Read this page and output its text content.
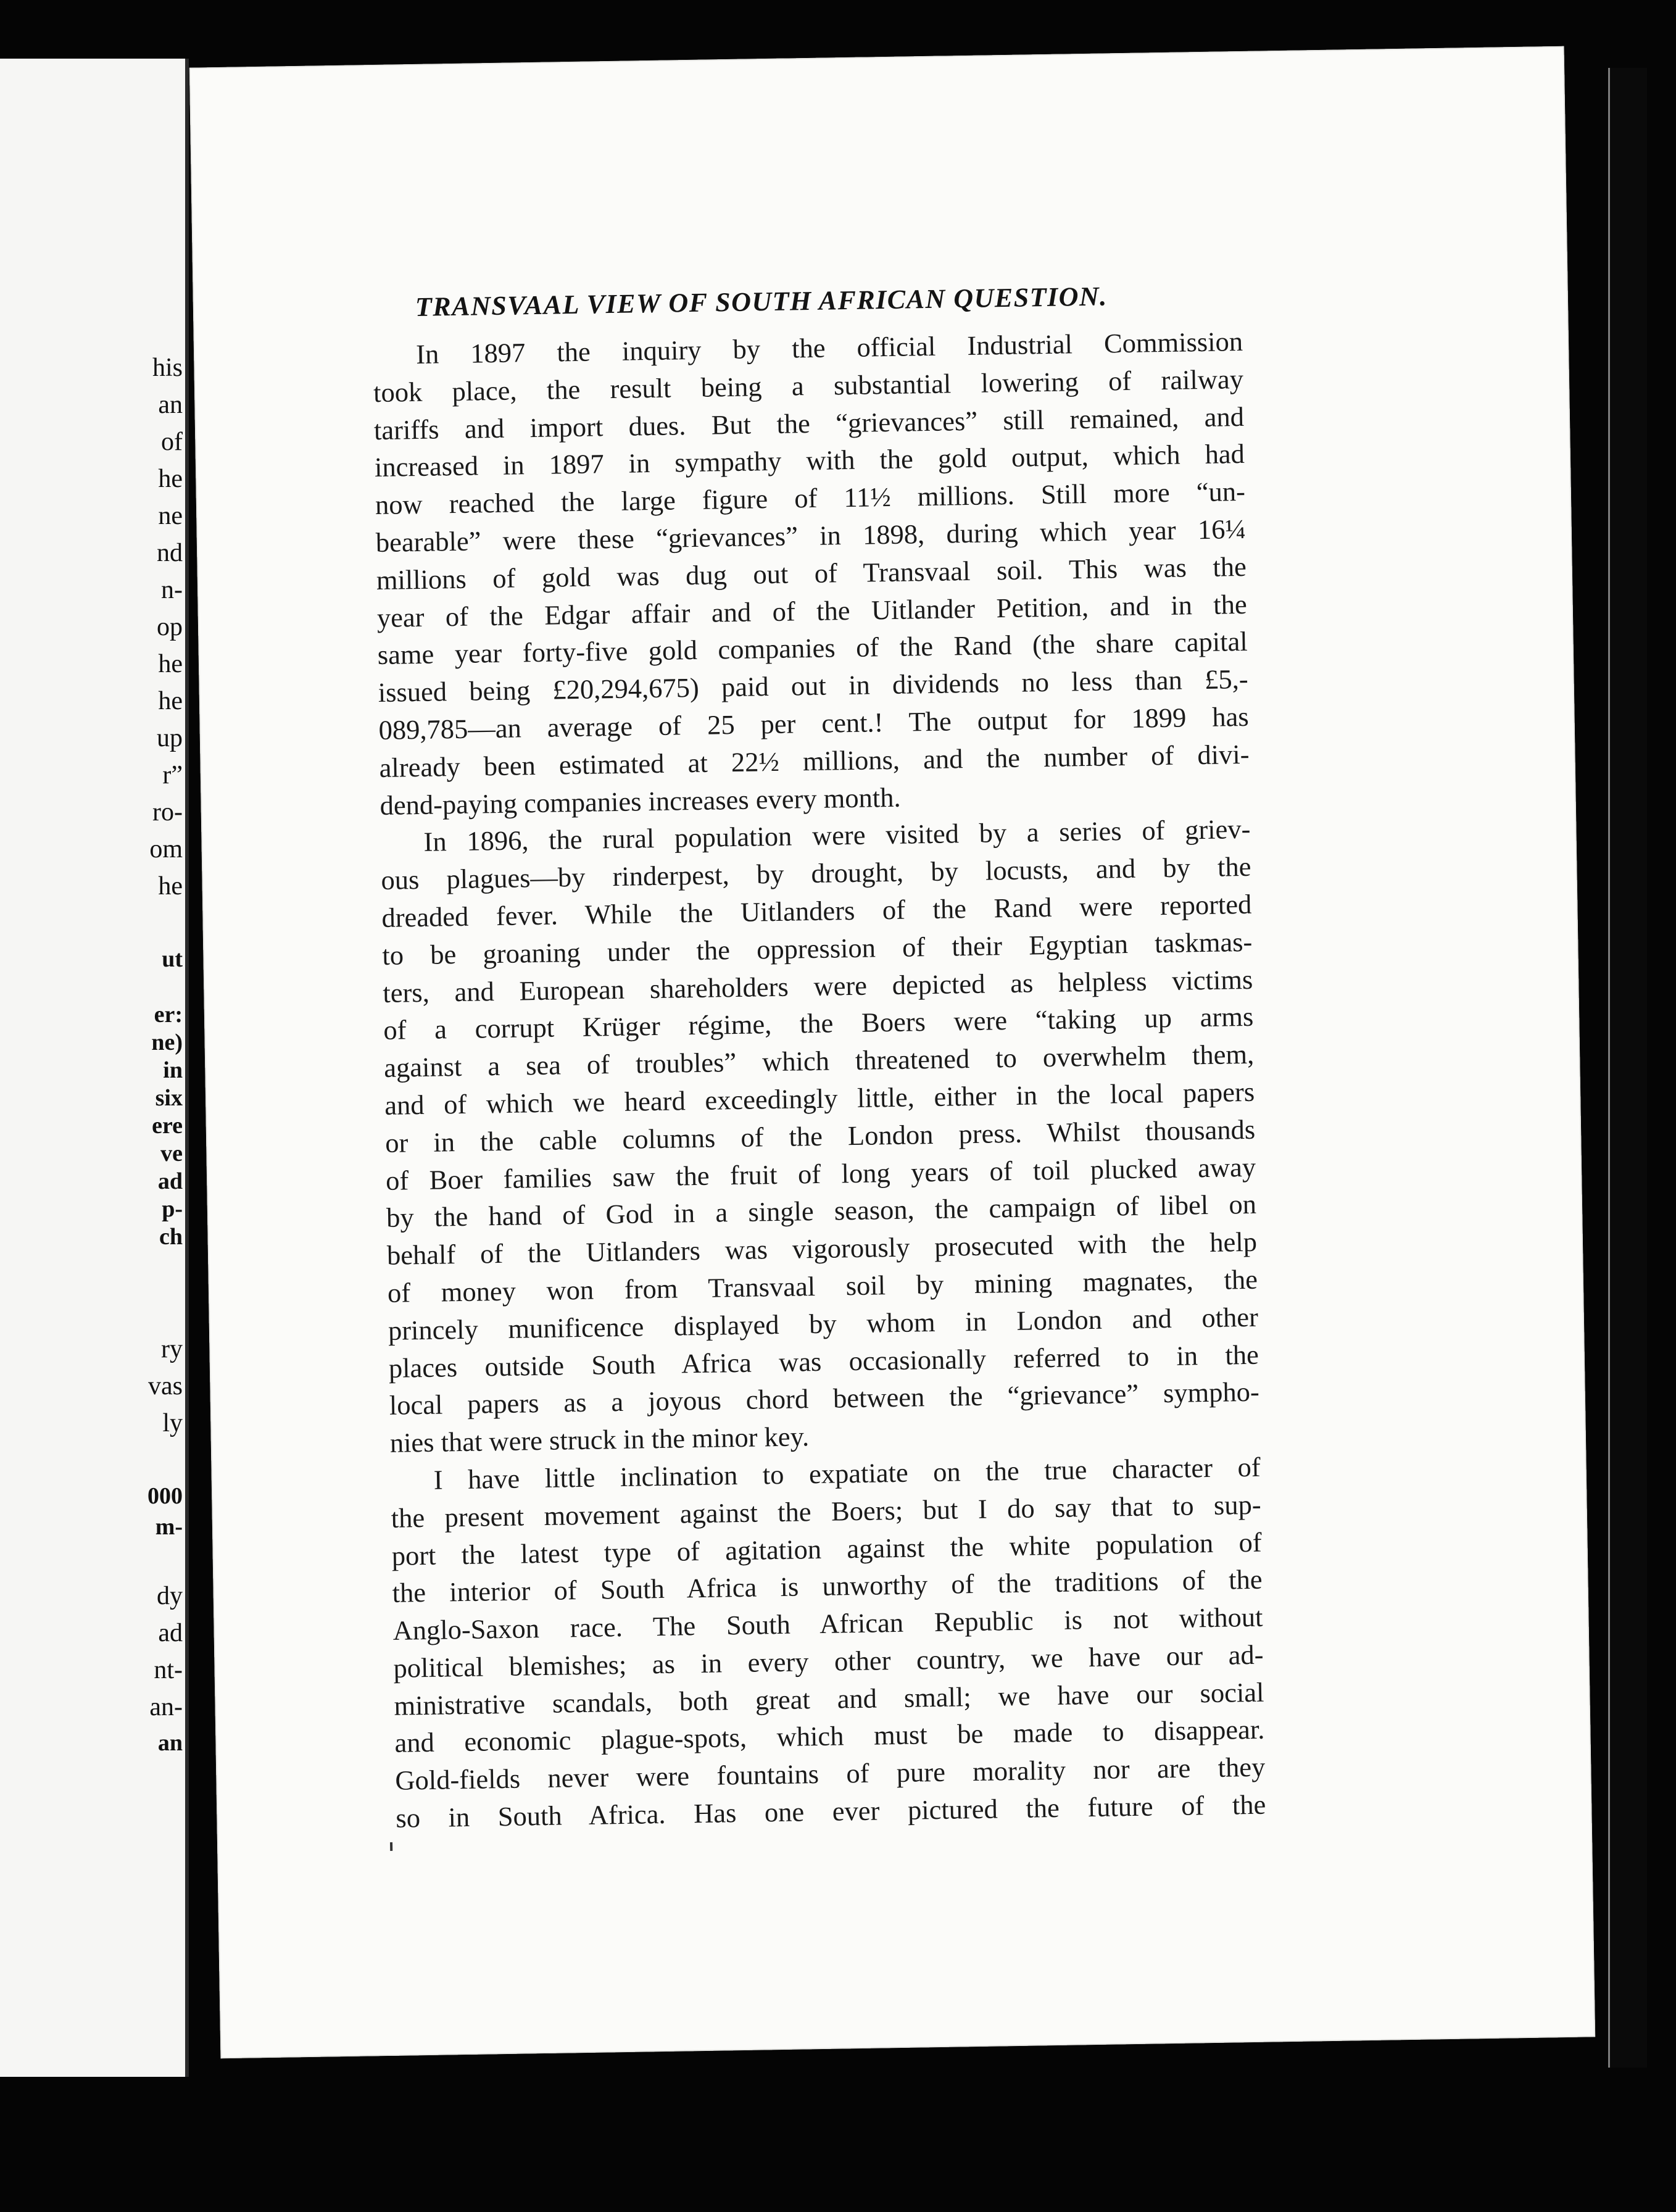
his
an
of
he
ne
nd
n-
op
he
he
up
r”
ro-
om
he
ut
er:
ne)
in
six
ere
ve
ad
p-
ch
ry
vas
ly
000
m-
dy
ad
nt-
an-
an
TRANSVAAL VIEW OF SOUTH AFRICAN QUESTION.
In 1897 the inquiry by the official Industrial Commission
took place, the result being a substantial lowering of railway
tariffs and import dues. But the “grievances” still remained, and
increased in 1897 in sympathy with the gold output, which had
now reached the large figure of 11½ millions. Still more “un-
bearable” were these “grievances” in 1898, during which year 16¼
millions of gold was dug out of Transvaal soil. This was the
year of the Edgar affair and of the Uitlander Petition, and in the
same year forty-five gold companies of the Rand (the share capital
issued being £20,294,675) paid out in dividends no less than £5,-
089,785—an average of 25 per cent.! The output for 1899 has
already been estimated at 22½ millions, and the number of divi-
dend-paying companies increases every month.
In 1896, the rural population were visited by a series of griev-
ous plagues—by rinderpest, by drought, by locusts, and by the
dreaded fever. While the Uitlanders of the Rand were reported
to be groaning under the oppression of their Egyptian taskmas-
ters, and European shareholders were depicted as helpless victims
of a corrupt Krüger régime, the Boers were “taking up arms
against a sea of troubles” which threatened to overwhelm them,
and of which we heard exceedingly little, either in the local papers
or in the cable columns of the London press. Whilst thousands
of Boer families saw the fruit of long years of toil plucked away
by the hand of God in a single season, the campaign of libel on
behalf of the Uitlanders was vigorously prosecuted with the help
of money won from Transvaal soil by mining magnates, the
princely munificence displayed by whom in London and other
places outside South Africa was occasionally referred to in the
local papers as a joyous chord between the “grievance” sympho-
nies that were struck in the minor key.
I have little inclination to expatiate on the true character of
the present movement against the Boers; but I do say that to sup-
port the latest type of agitation against the white population of
the interior of South Africa is unworthy of the traditions of the
Anglo-Saxon race. The South African Republic is not without
political blemishes; as in every other country, we have our ad-
ministrative scandals, both great and small; we have our social
and economic plague-spots, which must be made to disappear.
Gold-fields never were fountains of pure morality nor are they
so in South Africa. Has one ever pictured the future of the
